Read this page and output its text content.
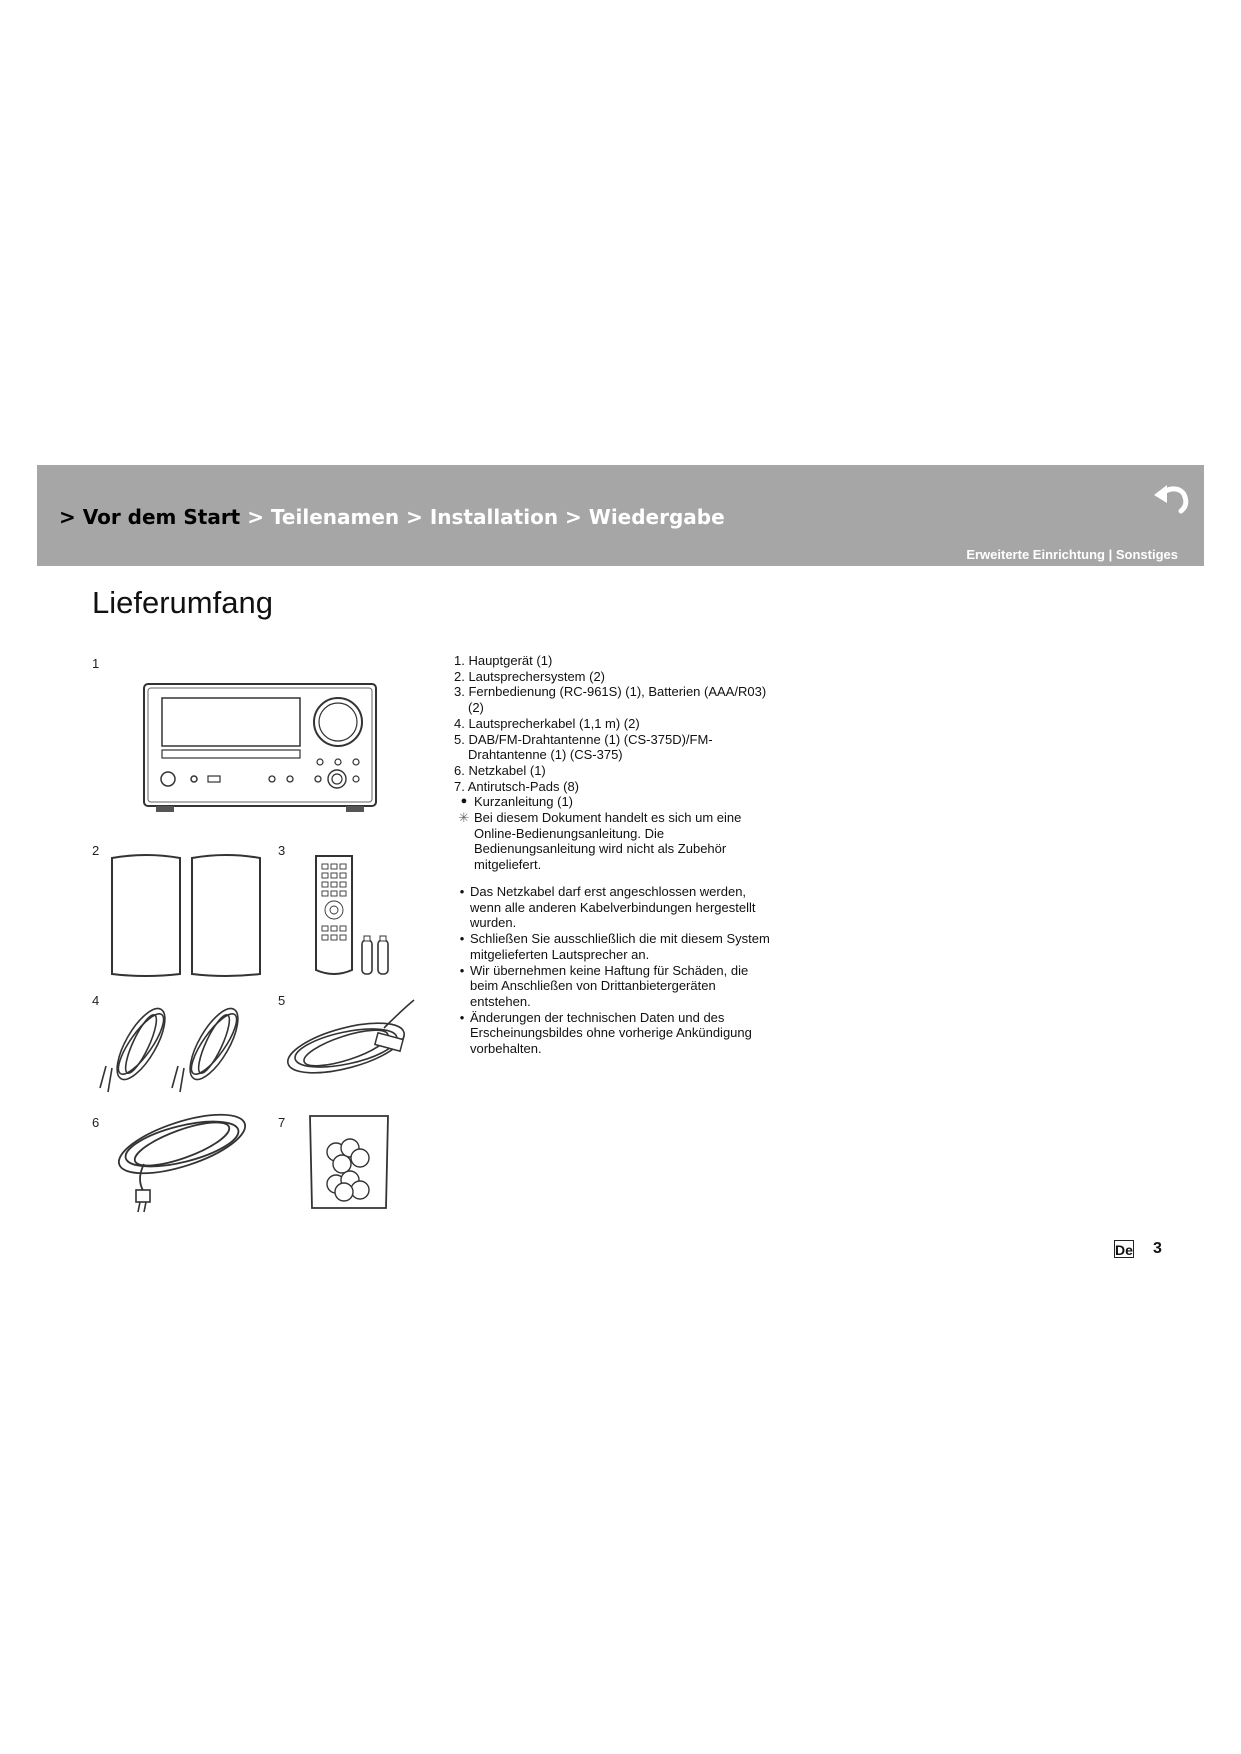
> Vor dem Start > Teilenamen > Installation > Wiedergabe
Erweiterte Einrichtung | Sonstiges
Lieferumfang
1
2	3
4	5
6	7
1. Hauptgerät (1)
2. Lautsprechersystem (2)
3. Fernbedienung (RC-961S) (1), Batterien (AAA/R03)
(2)
4. Lautsprecherkabel (1,1 m) (2)
5. DAB/FM-Drahtantenne (1) (CS-375D)/FM-
Drahtantenne (1) (CS-375)
6. Netzkabel (1)
7. Antirutsch-Pads (8)
● Kurzanleitung (1)
✳ Bei diesem Dokument handelt es sich um eine
Online-Bedienungsanleitung. Die
Bedienungsanleitung wird nicht als Zubehör
mitgeliefert.
• Das Netzkabel darf erst angeschlossen werden,
wenn alle anderen Kabelverbindungen hergestellt
wurden.
• Schließen Sie ausschließlich die mit diesem System
mitgelieferten Lautsprecher an.
• Wir übernehmen keine Haftung für Schäden, die
beim Anschließen von Drittanbietergeräten
entstehen.
• Änderungen der technischen Daten und des
Erscheinungsbildes ohne vorherige Ankündigung
vorbehalten.
De 3
